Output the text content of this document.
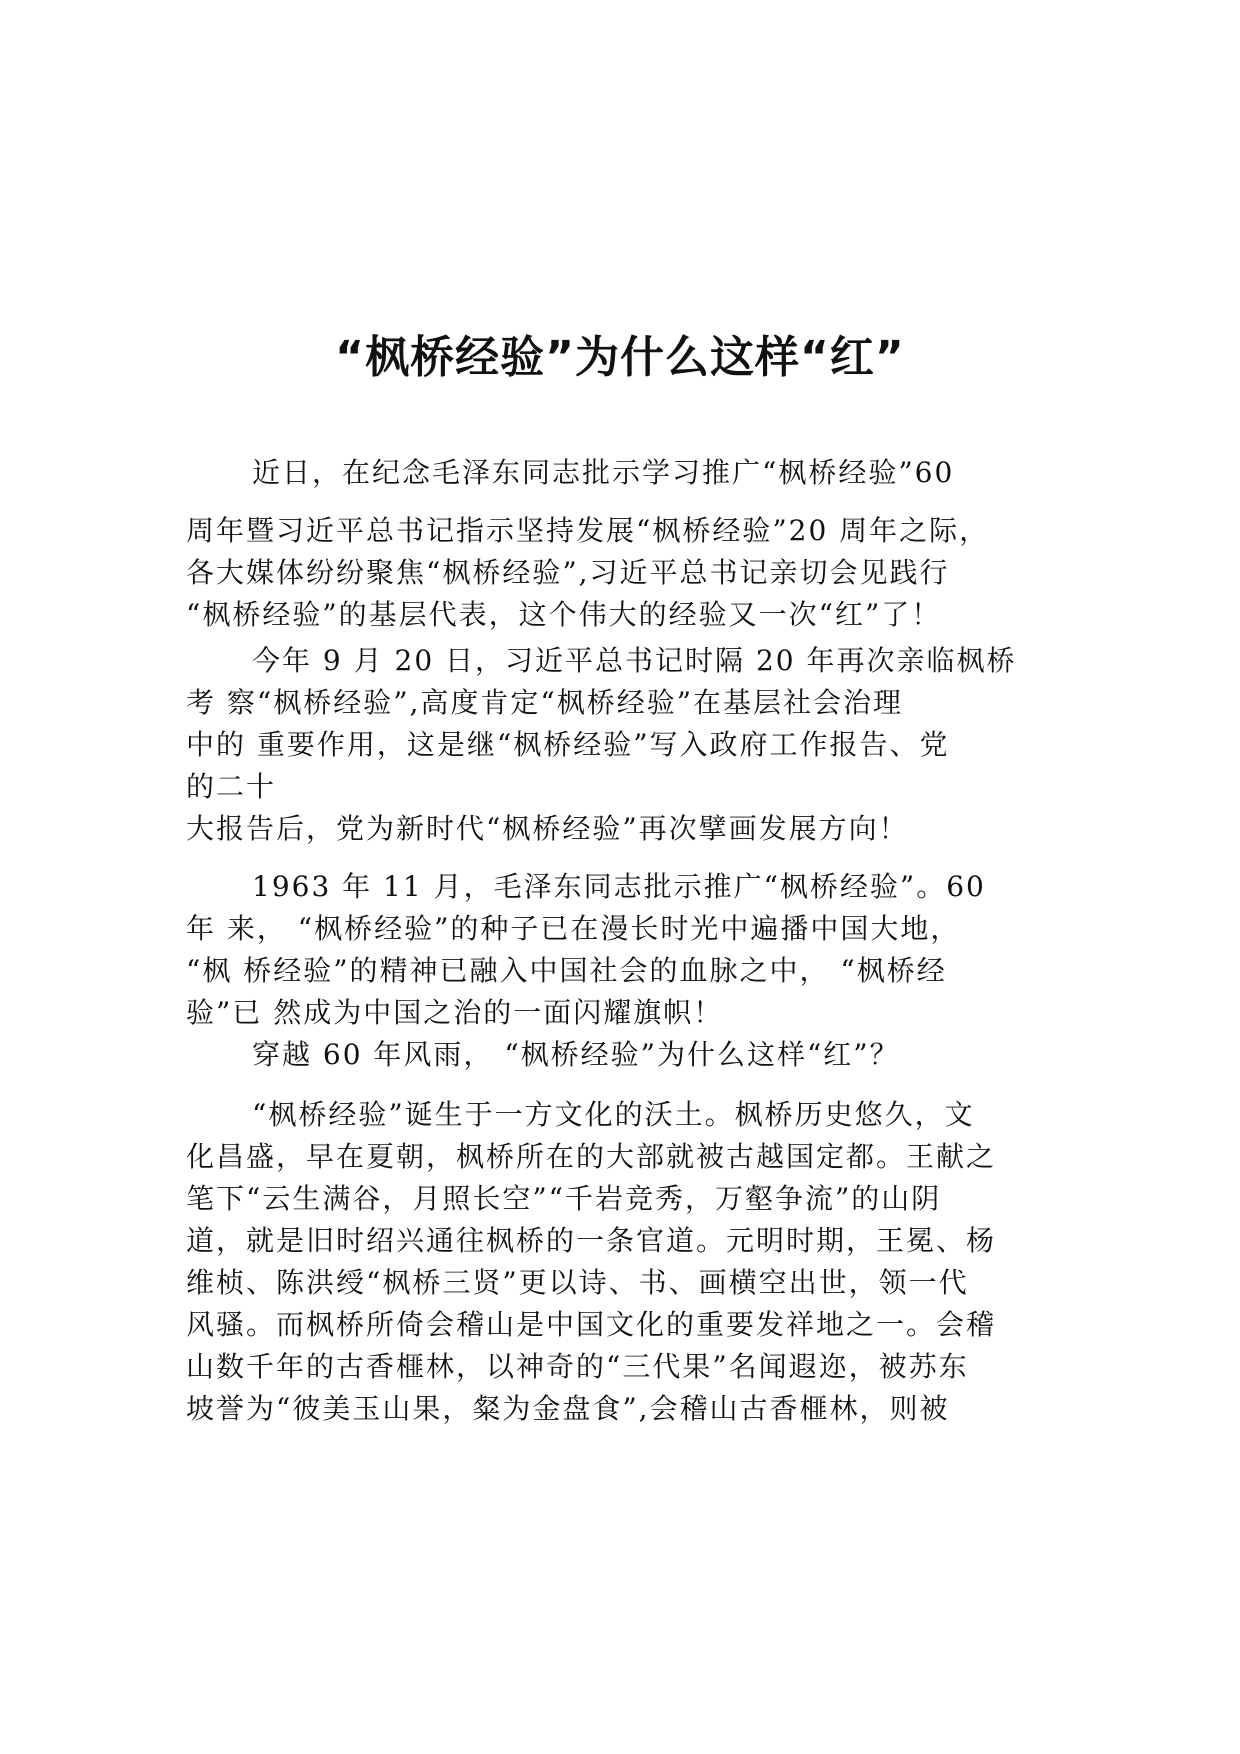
“枫桥经验”为什么这样“红”
近日，在纪念毛泽东同志批示学习推广“枫桥经验”60
周年暨习近平总书记指示坚持发展“枫桥经验”20 周年之际，
各大媒体纷纷聚焦“枫桥经验”,习近平总书记亲切会见践行
“枫桥经验”的基层代表，这个伟大的经验又一次“红”了！
今年 9 月 20 日，习近平总书记时隔 20 年再次亲临枫桥
考 察“枫桥经验”,高度肯定“枫桥经验”在基层社会治理
中的 重要作用，这是继“枫桥经验”写入政府工作报告、党
的二十
大报告后，党为新时代“枫桥经验”再次擘画发展方向！
1963 年 11 月，毛泽东同志批示推广“枫桥经验”。60
年 来， “枫桥经验”的种子已在漫长时光中遍播中国大地，
“枫 桥经验”的精神已融入中国社会的血脉之中， “枫桥经
验”已 然成为中国之治的一面闪耀旗帜！
穿越 60 年风雨， “枫桥经验”为什么这样“红”？
“枫桥经验”诞生于一方文化的沃土。枫桥历史悠久，文
化昌盛，早在夏朝，枫桥所在的大部就被古越国定都。王献之
笔下“云生满谷，月照长空”“千岩竞秀，万壑争流”的山阴
道，就是旧时绍兴通往枫桥的一条官道。元明时期，王冕、杨
维桢、陈洪绶“枫桥三贤”更以诗、书、画横空出世，领一代
风骚。而枫桥所倚会稽山是中国文化的重要发祥地之一。会稽
山数千年的古香榧林，以神奇的“三代果”名闻遐迩，被苏东
坡誉为“彼美玉山果，粲为金盘食”,会稽山古香榧林，则被
